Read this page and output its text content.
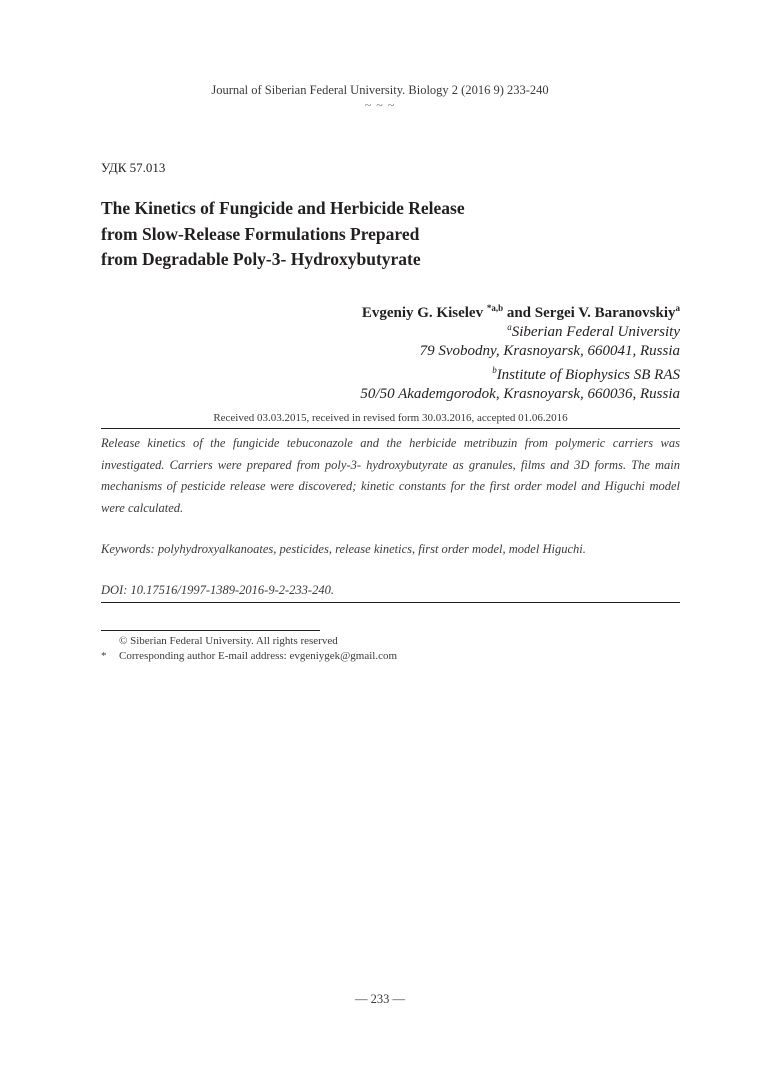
Journal of Siberian Federal University. Biology 2 (2016 9) 233-240
~ ~ ~
УДК 57.013
The Kinetics of Fungicide and Herbicide Release
from Slow-Release Formulations Prepared
from Degradable Poly-3- Hydroxybutyrate
Evgeniy G. Kiselev $^{*a,b}$ and Sergei V. Baranovskiy$^a$
$^a$Siberian Federal University
79 Svobodny, Krasnoyarsk, 660041, Russia
$^b$Institute of Biophysics SB RAS
50/50 Akademgorodok, Krasnoyarsk, 660036, Russia
Received 03.03.2015, received in revised form 30.03.2016, accepted 01.06.2016

Release kinetics of the fungicide tebuconazole and the herbicide metribuzin from polymeric carriers was investigated. Carriers were prepared from poly-3- hydroxybutyrate as granules, films and 3D forms. The main mechanisms of pesticide release were discovered; kinetic constants for the first order model and Higuchi model were calculated.

Keywords: polyhydroxyalkanoates, pesticides, release kinetics, first order model, model Higuchi.
DOI: 10.17516/1997-1389-2016-9-2-233-240.
© Siberian Federal University. All rights reserved
* Corresponding author E-mail address: evgeniygek@gmail.com
— 233 —
